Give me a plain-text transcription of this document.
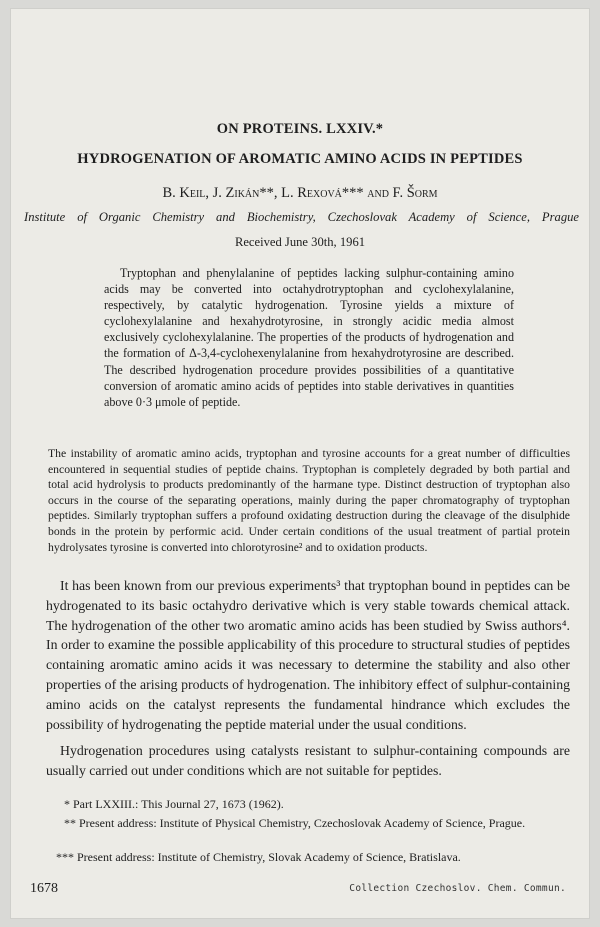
ON PROTEINS. LXXIV.*
HYDROGENATION OF AROMATIC AMINO ACIDS IN PEPTIDES
B. Keil, J. Zikán**, L. Rexová*** and F. Šorm
Institute of Organic Chemistry and Biochemistry, Czechoslovak Academy of Science, Prague
Received June 30th, 1961
Tryptophan and phenylalanine of peptides lacking sulphur-containing amino acids may be converted into octahydrotryptophan and cyclohexylalanine, respectively, by catalytic hydrogenation. Tyrosine yields a mixture of cyclohexylalanine and hexahydrotyrosine, in strongly acidic media almost exclusively cyclohexylalanine. The properties of the products of hydrogenation and the formation of Δ-3,4-cyclohexenylalanine from hexahydrotyrosine are described. The described hydrogenation procedure provides possibilities of a quantitative conversion of aromatic amino acids of peptides into stable derivatives in quantities above 0·3 μmole of peptide.
The instability of aromatic amino acids, tryptophan and tyrosine accounts for a great number of difficulties encountered in sequential studies of peptide chains. Tryptophan is completely degraded by both partial and total acid hydrolysis to products predominantly of the harmane type. Distinct destruction of tryptophan also occurs in the course of the separating operations, mainly during the paper chromatography of tryptophan peptides. Similarly tryptophan suffers a profound oxidating destruction during the cleavage of the disulphide bonds in the protein by performic acid. Under certain conditions of the usual treatment of partial protein hydrolysates tyrosine is converted into chlorotyrosine² and to oxidation products.
It has been known from our previous experiments³ that tryptophan bound in peptides can be hydrogenated to its basic octahydro derivative which is very stable towards chemical attack. The hydrogenation of the other two aromatic amino acids has been studied by Swiss authors⁴. In order to examine the possible applicability of this procedure to structural studies of peptides containing aromatic amino acids it was necessary to determine the stability and also other properties of the arising products of hydrogenation. The inhibitory effect of sulphur-containing amino acids on the catalyst represents the fundamental hindrance which excludes the possibility of hydrogenating the peptide material under the usual conditions.
Hydrogenation procedures using catalysts resistant to sulphur-containing compounds are usually carried out under conditions which are not suitable for peptides.
* Part LXXIII.: This Journal 27, 1673 (1962).
** Present address: Institute of Physical Chemistry, Czechoslovak Academy of Science, Prague.
*** Present address: Institute of Chemistry, Slovak Academy of Science, Bratislava.
1678	Collection Czechoslov. Chem. Commun.
